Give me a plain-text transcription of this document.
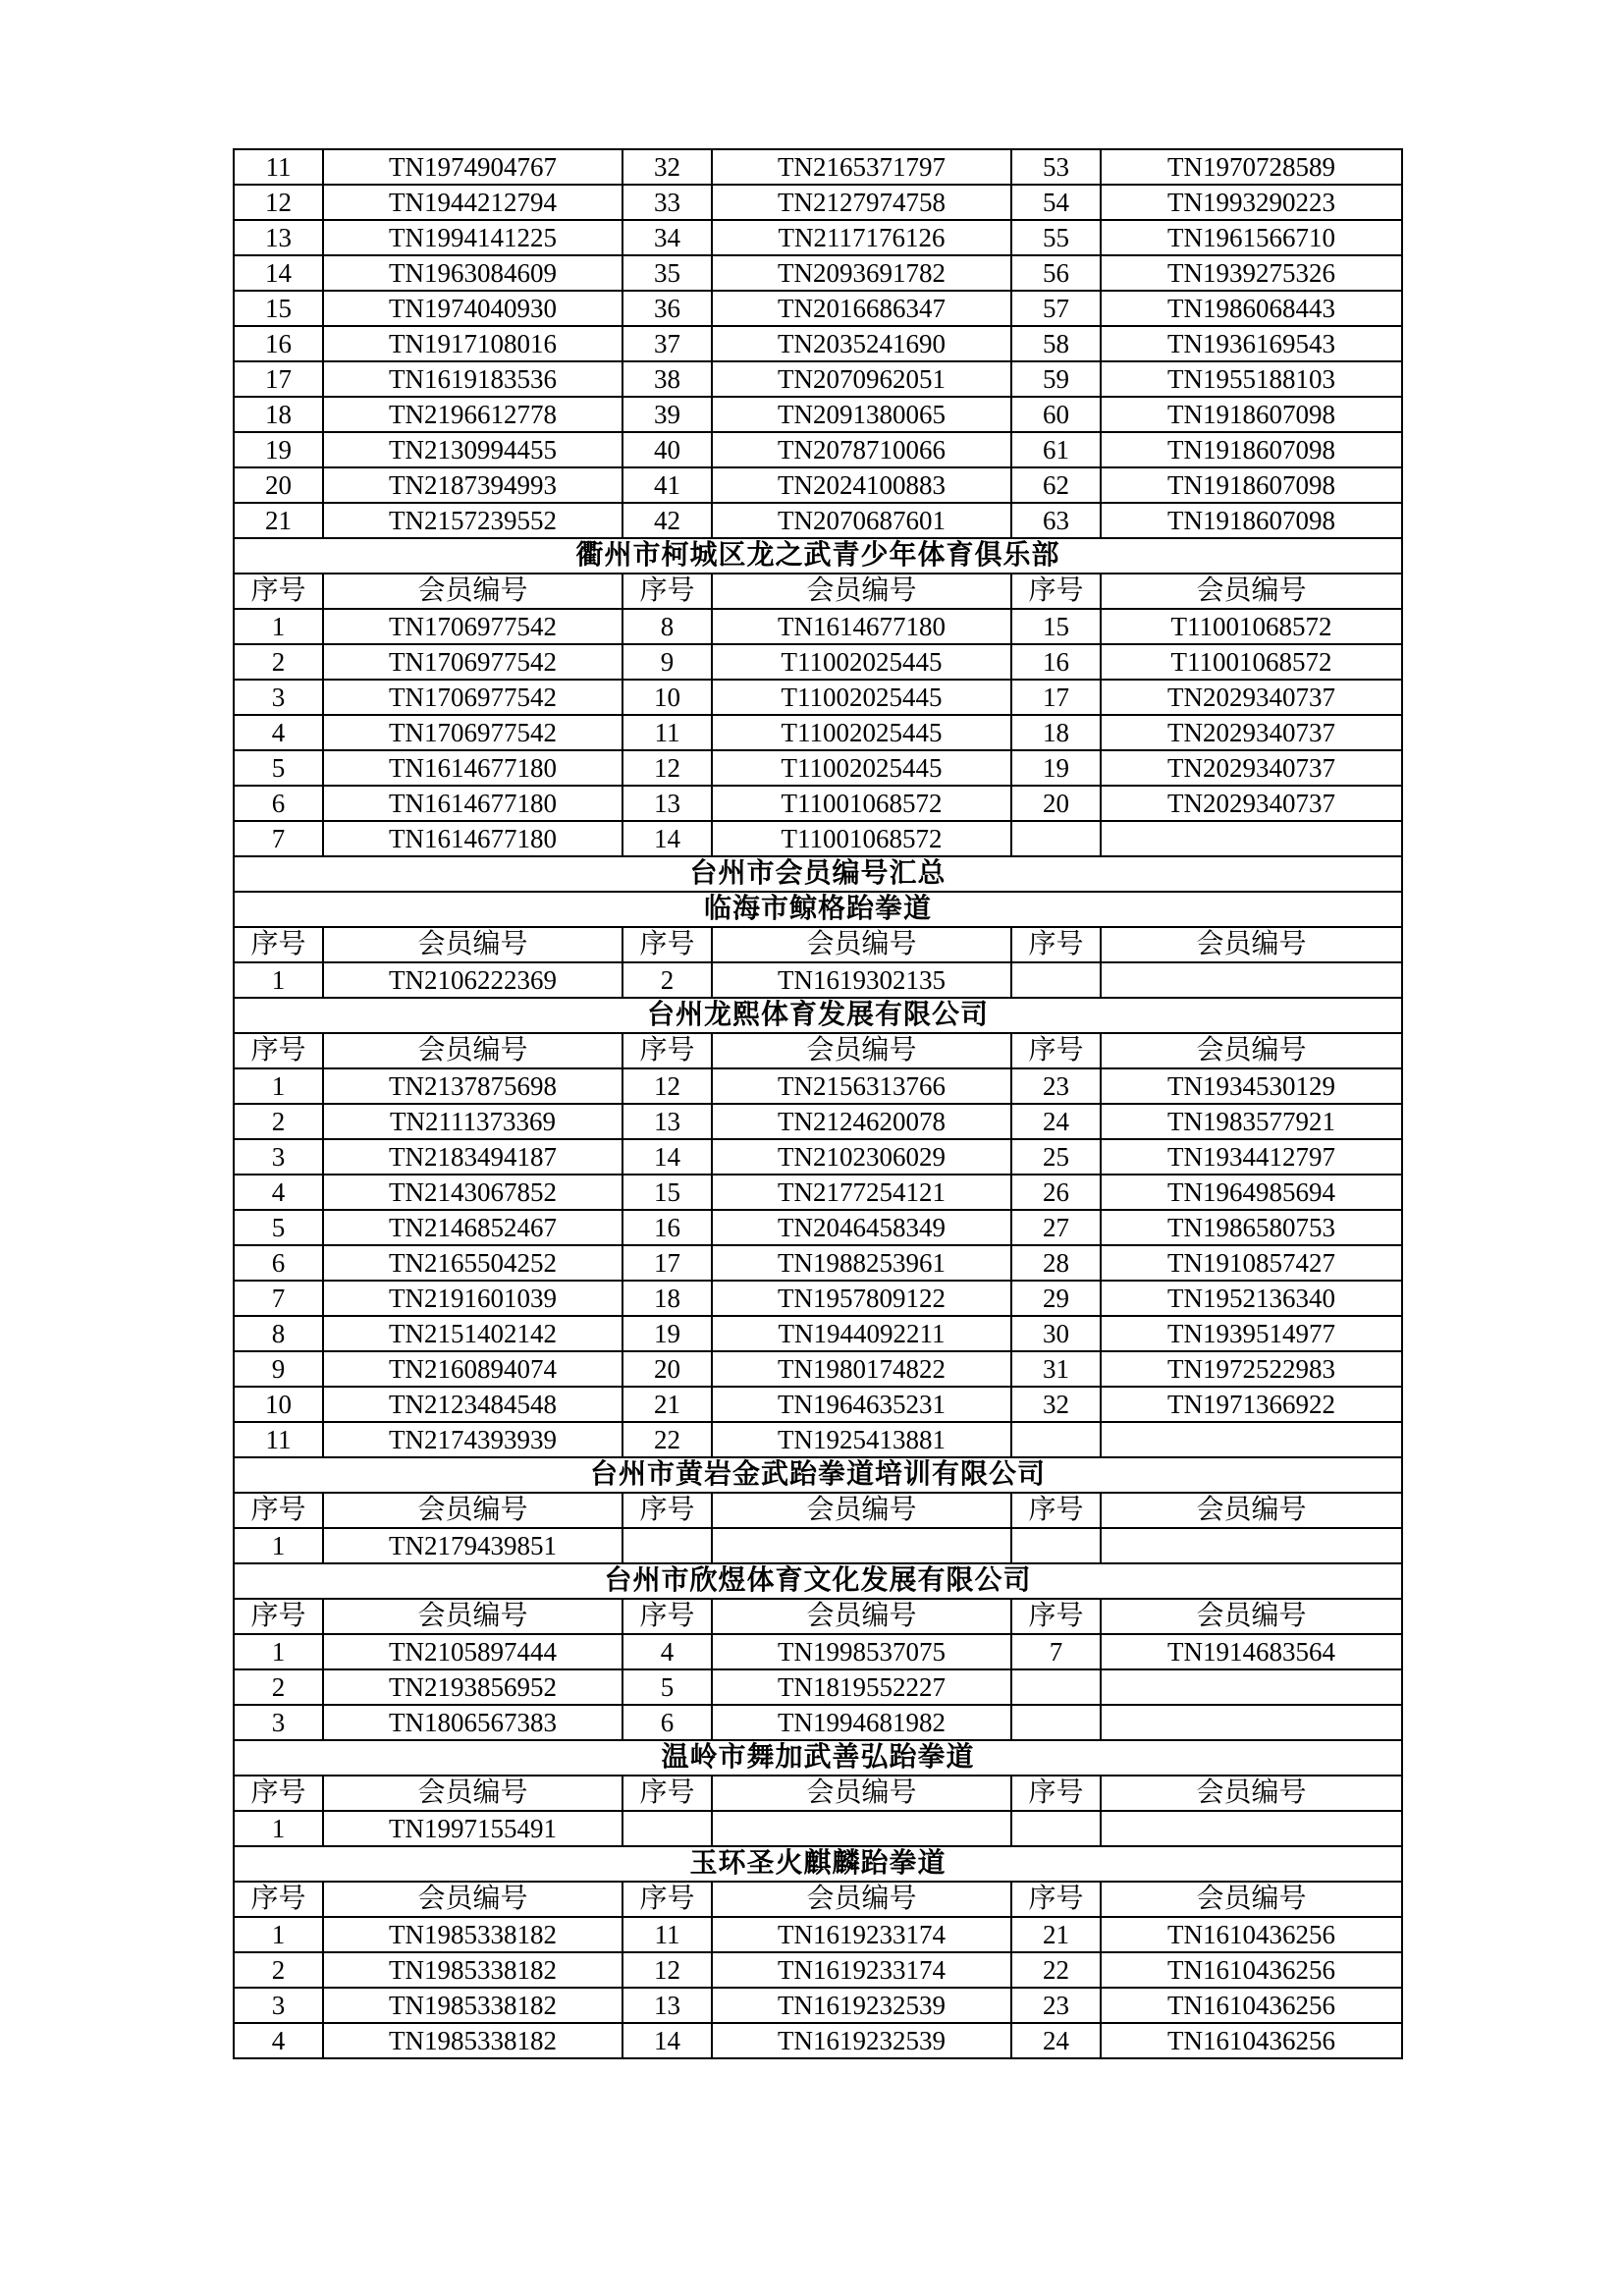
11	TN1974904767	32	TN2165371797	53	TN1970728589
12	TN1944212794	33	TN2127974758	54	TN1993290223
13	TN1994141225	34	TN2117176126	55	TN1961566710
14	TN1963084609	35	TN2093691782	56	TN1939275326
15	TN1974040930	36	TN2016686347	57	TN1986068443
16	TN1917108016	37	TN2035241690	58	TN1936169543
17	TN1619183536	38	TN2070962051	59	TN1955188103
18	TN2196612778	39	TN2091380065	60	TN1918607098
19	TN2130994455	40	TN2078710066	61	TN1918607098
20	TN2187394993	41	TN2024100883	62	TN1918607098
21	TN2157239552	42	TN2070687601	63	TN1918607098
衢州市柯城区龙之武青少年体育俱乐部					
序号	会员编号	序号	会员编号	序号	会员编号
1	TN1706977542	8	TN1614677180	15	T11001068572
2	TN1706977542	9	T11002025445	16	T11001068572
3	TN1706977542	10	T11002025445	17	TN2029340737
4	TN1706977542	11	T11002025445	18	TN2029340737
5	TN1614677180	12	T11002025445	19	TN2029340737
6	TN1614677180	13	T11001068572	20	TN2029340737
7	TN1614677180	14	T11001068572		
台州市会员编号汇总					
临海市鲸格跆拳道					
序号	会员编号	序号	会员编号	序号	会员编号
1	TN2106222369	2	TN1619302135		
台州龙熙体育发展有限公司					
序号	会员编号	序号	会员编号	序号	会员编号
1	TN2137875698	12	TN2156313766	23	TN1934530129
2	TN2111373369	13	TN2124620078	24	TN1983577921
3	TN2183494187	14	TN2102306029	25	TN1934412797
4	TN2143067852	15	TN2177254121	26	TN1964985694
5	TN2146852467	16	TN2046458349	27	TN1986580753
6	TN2165504252	17	TN1988253961	28	TN1910857427
7	TN2191601039	18	TN1957809122	29	TN1952136340
8	TN2151402142	19	TN1944092211	30	TN1939514977
9	TN2160894074	20	TN1980174822	31	TN1972522983
10	TN2123484548	21	TN1964635231	32	TN1971366922
11	TN2174393939	22	TN1925413881		
台州市黄岩金武跆拳道培训有限公司					
序号	会员编号	序号	会员编号	序号	会员编号
1	TN2179439851				
台州市欣煜体育文化发展有限公司					
序号	会员编号	序号	会员编号	序号	会员编号
1	TN2105897444	4	TN1998537075	7	TN1914683564
2	TN2193856952	5	TN1819552227		
3	TN1806567383	6	TN1994681982		
温岭市舞加武善弘跆拳道					
序号	会员编号	序号	会员编号	序号	会员编号
1	TN1997155491				
玉环圣火麒麟跆拳道					
序号	会员编号	序号	会员编号	序号	会员编号
1	TN1985338182	11	TN1619233174	21	TN1610436256
2	TN1985338182	12	TN1619233174	22	TN1610436256
3	TN1985338182	13	TN1619232539	23	TN1610436256
4	TN1985338182	14	TN1619232539	24	TN1610436256
